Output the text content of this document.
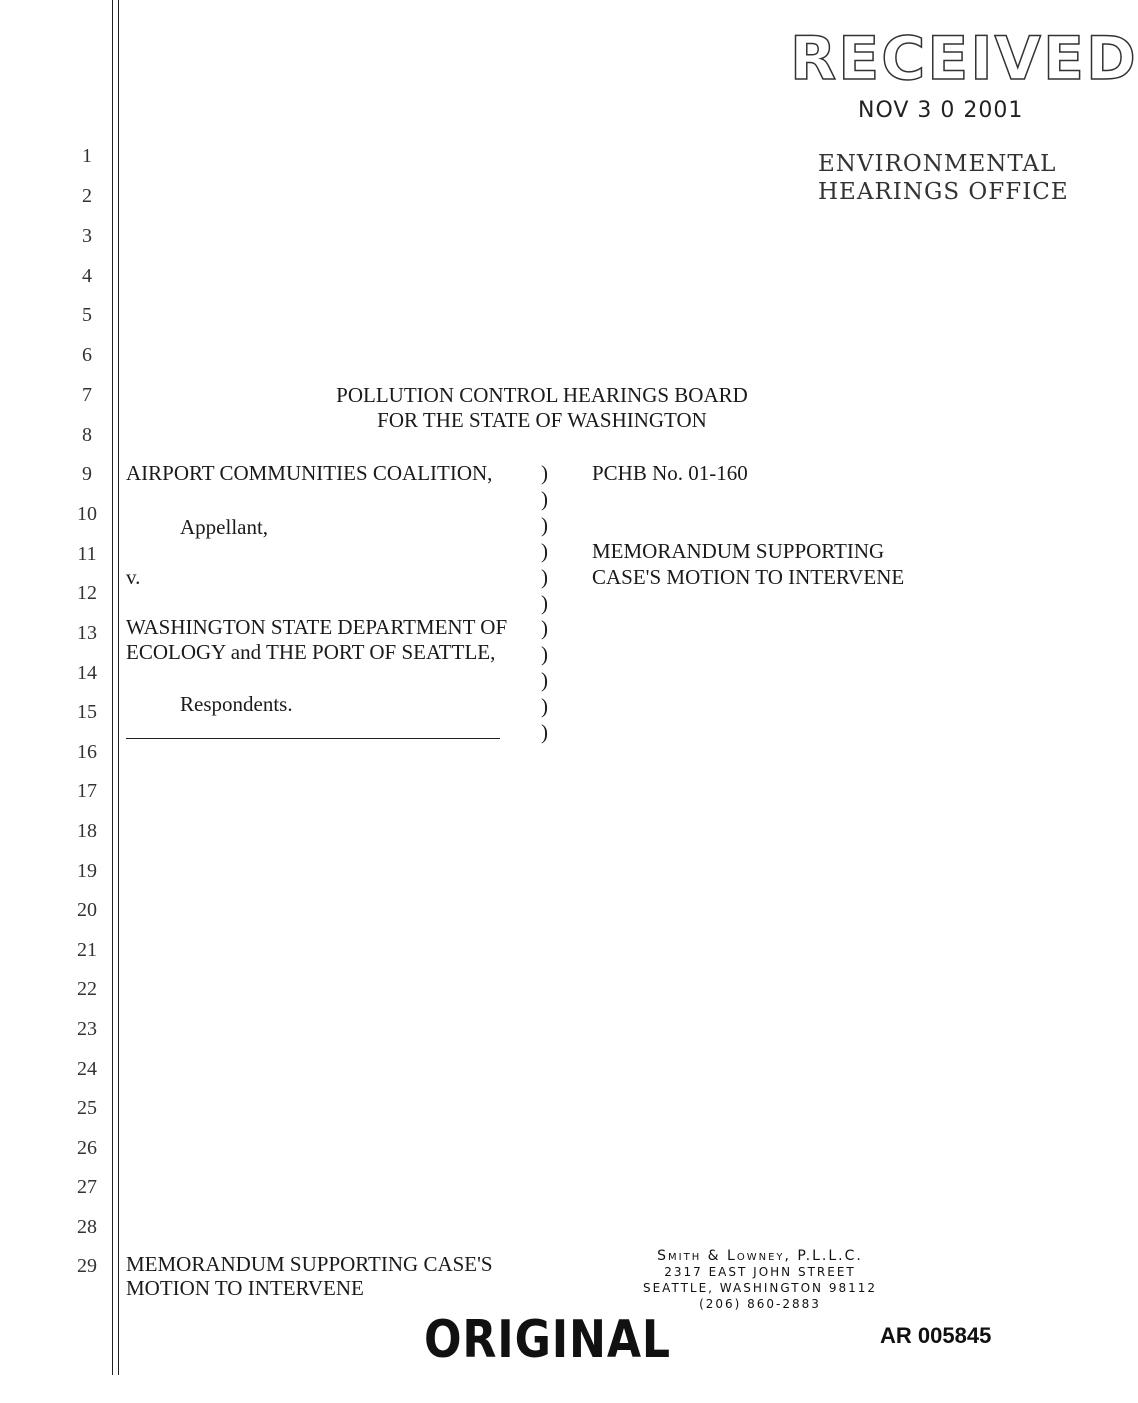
RECEIVED
NOV 3 0 2001
ENVIRONMENTAL
HEARINGS OFFICE
1
2
3
4
5
6
7
8
9
10
11
12
13
14
15
16
17
18
19
20
21
22
23
24
25
26
27
28
29
POLLUTION CONTROL HEARINGS BOARD
FOR THE STATE OF WASHINGTON
AIRPORT COMMUNITIES COALITION,
Appellant,
v.
WASHINGTON STATE DEPARTMENT OF
ECOLOGY and THE PORT OF SEATTLE,
Respondents.
)
)
)
)
)
)
)
)
)
)
)
PCHB No. 01-160
MEMORANDUM SUPPORTING
CASE'S MOTION TO INTERVENE
MEMORANDUM SUPPORTING CASE'S
MOTION TO INTERVENE
Smith & Lowney, P.L.L.C.
2317 EAST JOHN STREET
SEATTLE, WASHINGTON 98112
(206) 860-2883
ORIGINAL	AR 005845
